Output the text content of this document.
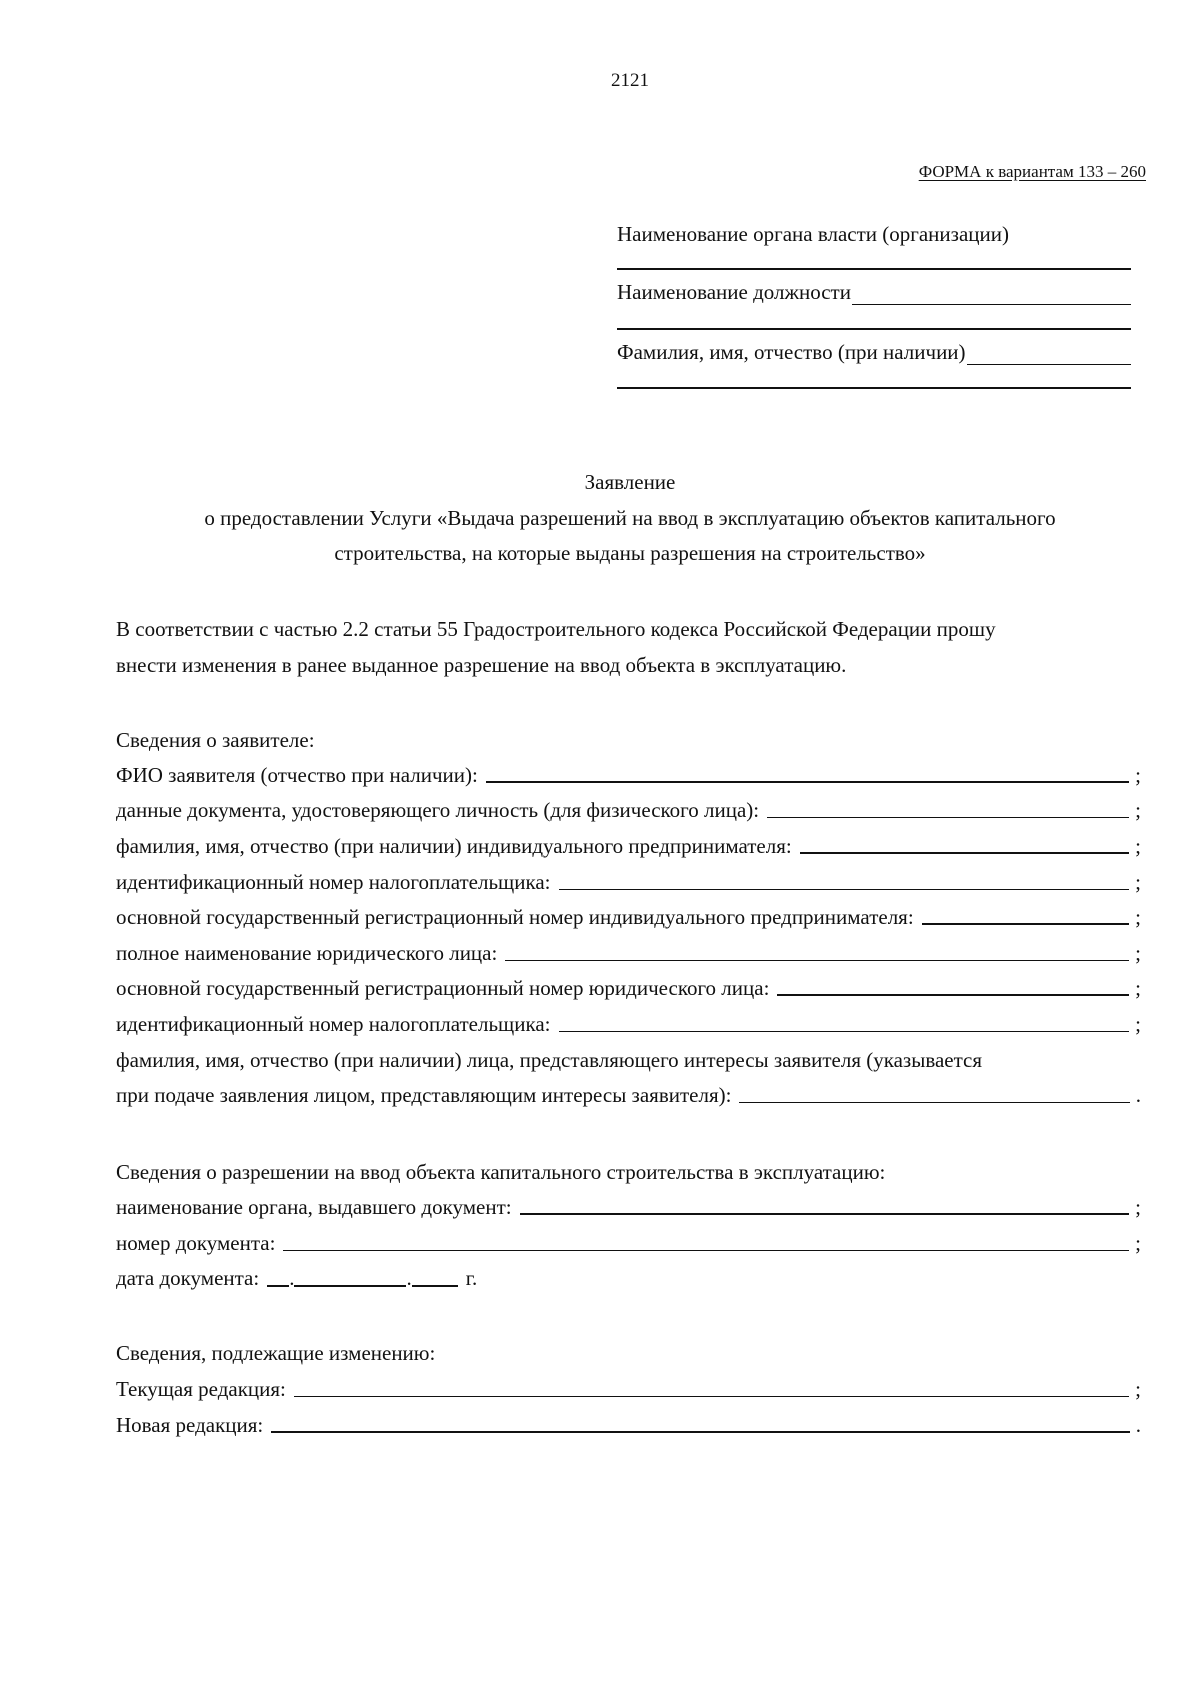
2121
ФОРМА к вариантам 133 – 260
Наименование органа власти (организации)
Наименование должности
Фамилия, имя, отчество (при наличии)
Заявление
о предоставлении Услуги «Выдача разрешений на ввод в эксплуатацию объектов капитального
строительства, на которые выданы разрешения на строительство»
В соответствии с частью 2.2 статьи 55 Градостроительного кодекса Российской Федерации прошу
внести изменения в ранее выданное разрешение на ввод объекта в эксплуатацию.
Сведения о заявителе:
ФИО заявителя (отчество при наличии):	;
данные документа, удостоверяющего личность (для физического лица):	;
фамилия, имя, отчество (при наличии) индивидуального предпринимателя:	;
идентификационный номер налогоплательщика:	;
основной государственный регистрационный номер индивидуального предпринимателя:	;
полное наименование юридического лица:	;
основной государственный регистрационный номер юридического лица:	;
идентификационный номер налогоплательщика:	;
фамилия, имя, отчество (при наличии) лица, представляющего интересы заявителя (указывается
при подаче заявления лицом, представляющим интересы заявителя):	.
Сведения о разрешении на ввод объекта капитального строительства в эксплуатацию:
наименование органа, выдавшего документ:	;
номер документа:	;
дата документа: .	.	г.
Сведения, подлежащие изменению:
Текущая редакция:	;
Новая редакция:	.
